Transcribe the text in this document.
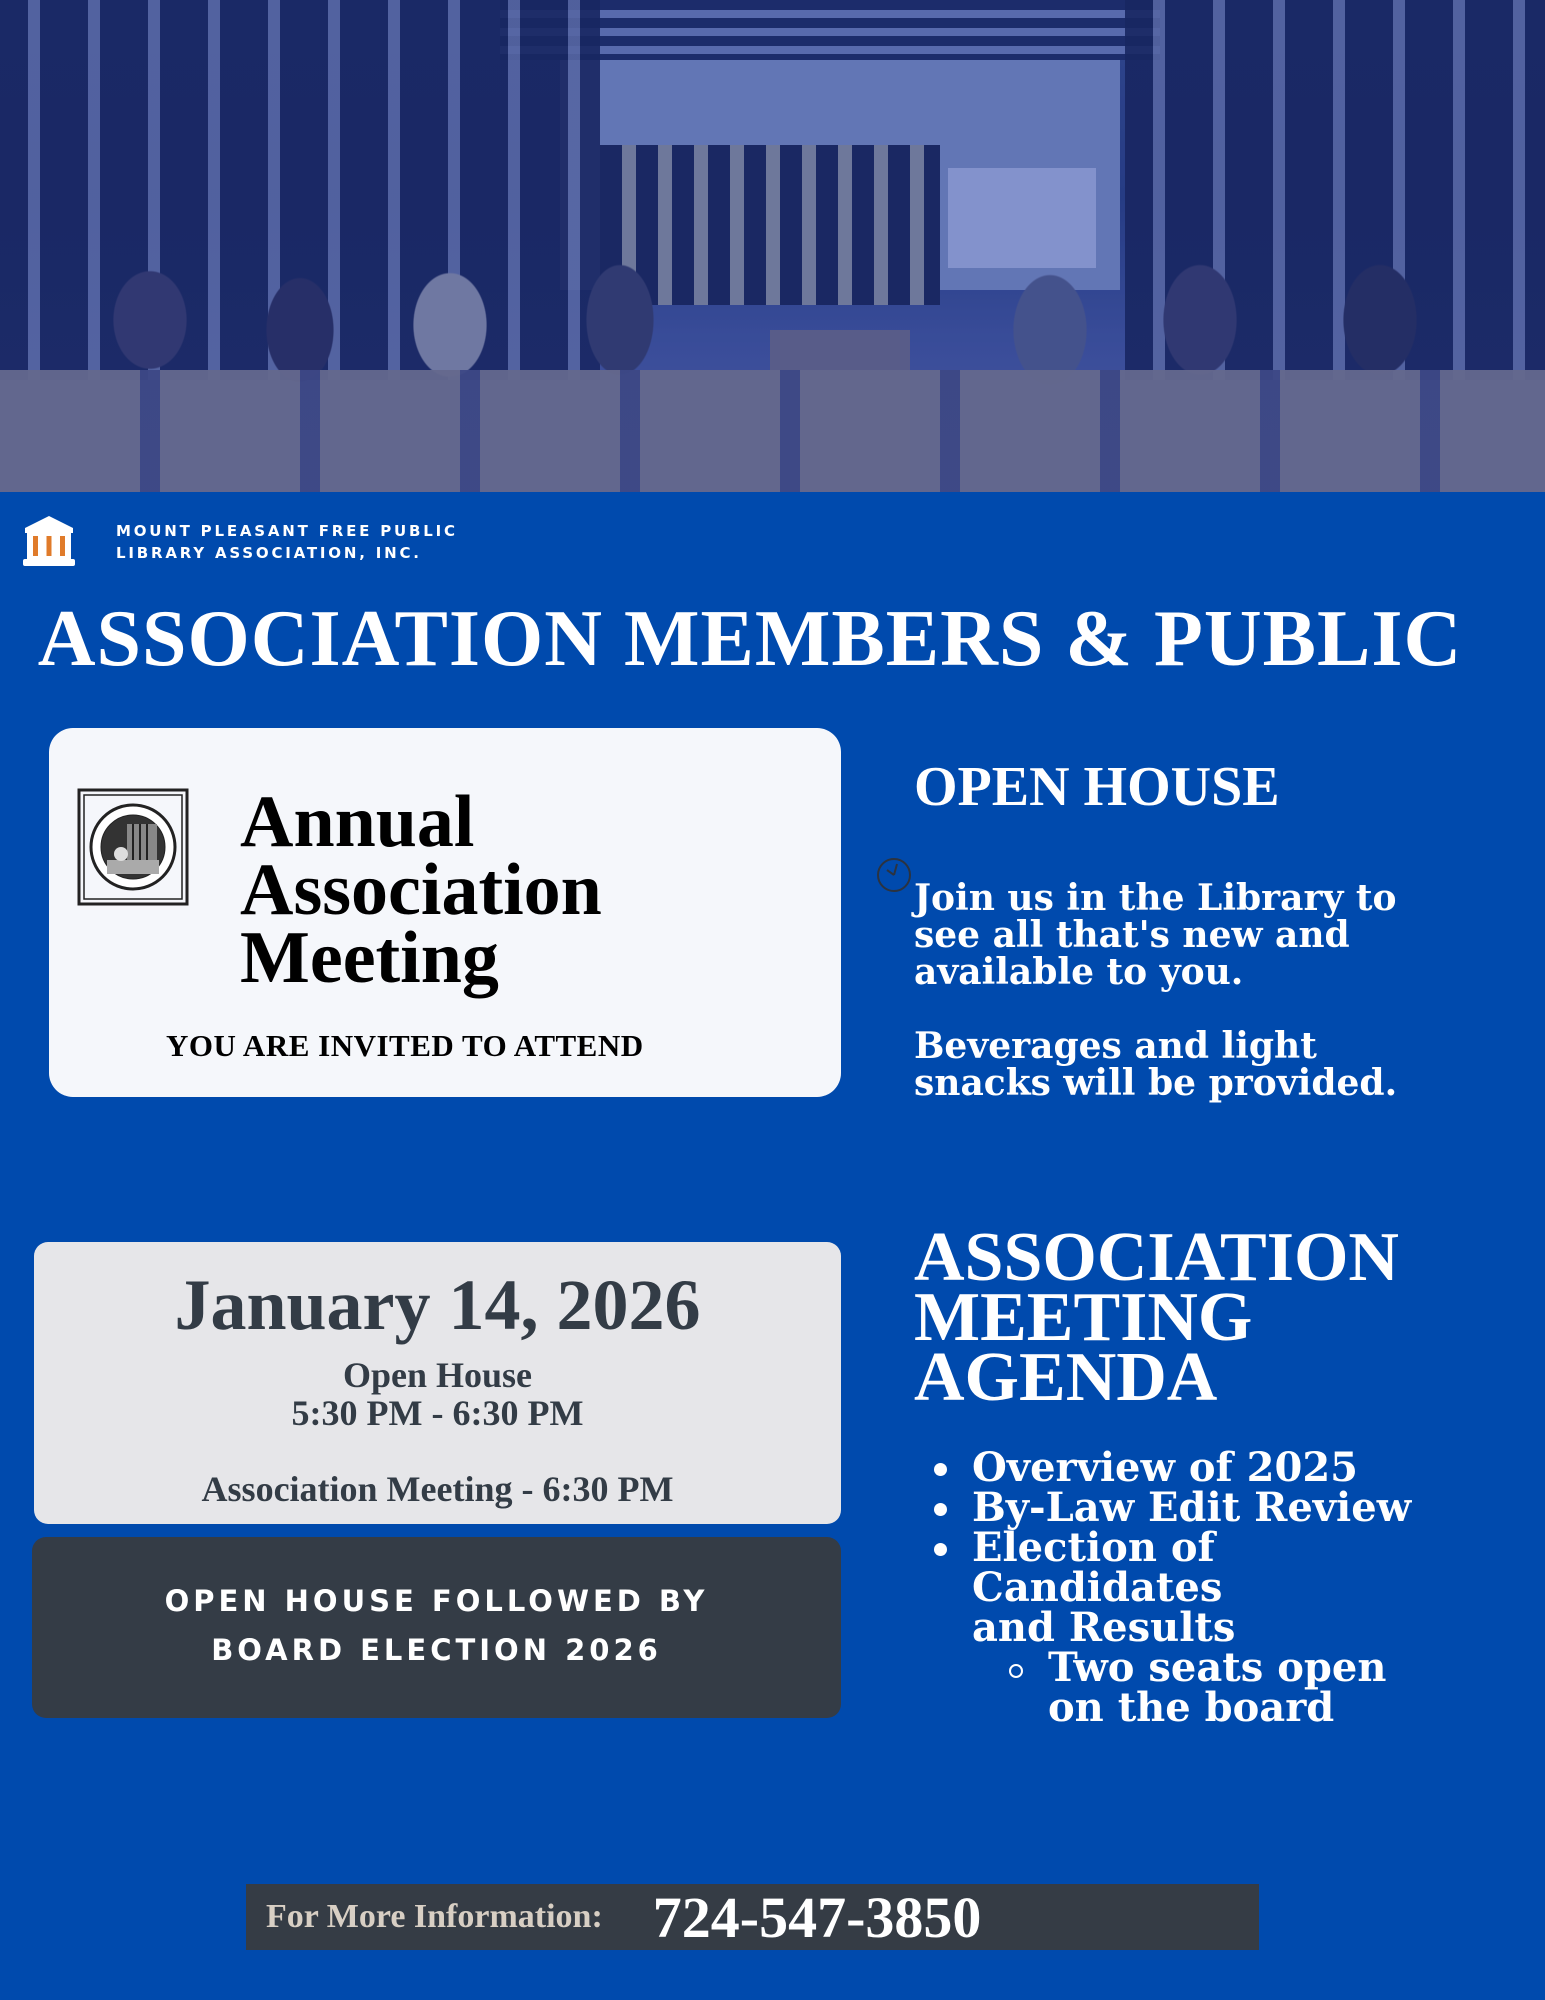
MOUNT PLEASANT FREE PUBLIC
LIBRARY ASSOCIATION, INC.
ASSOCIATION MEMBERS & PUBLIC
Annual
Association
Meeting
YOU ARE INVITED TO ATTEND
OPEN HOUSE

Join us in the Library to see all that's new and available to you.

Beverages and light snacks will be provided.

January 14, 2026
Open House
5:30 PM - 6:30 PM
Association Meeting - 6:30 PM
OPEN HOUSE FOLLOWED BY
BOARD ELECTION 2026
ASSOCIATION
MEETING
AGENDA
Overview of 2025
By-Law Edit Review
Election of Candidates and Results
Two seats open on the board
For More Information: 724-547-3850
